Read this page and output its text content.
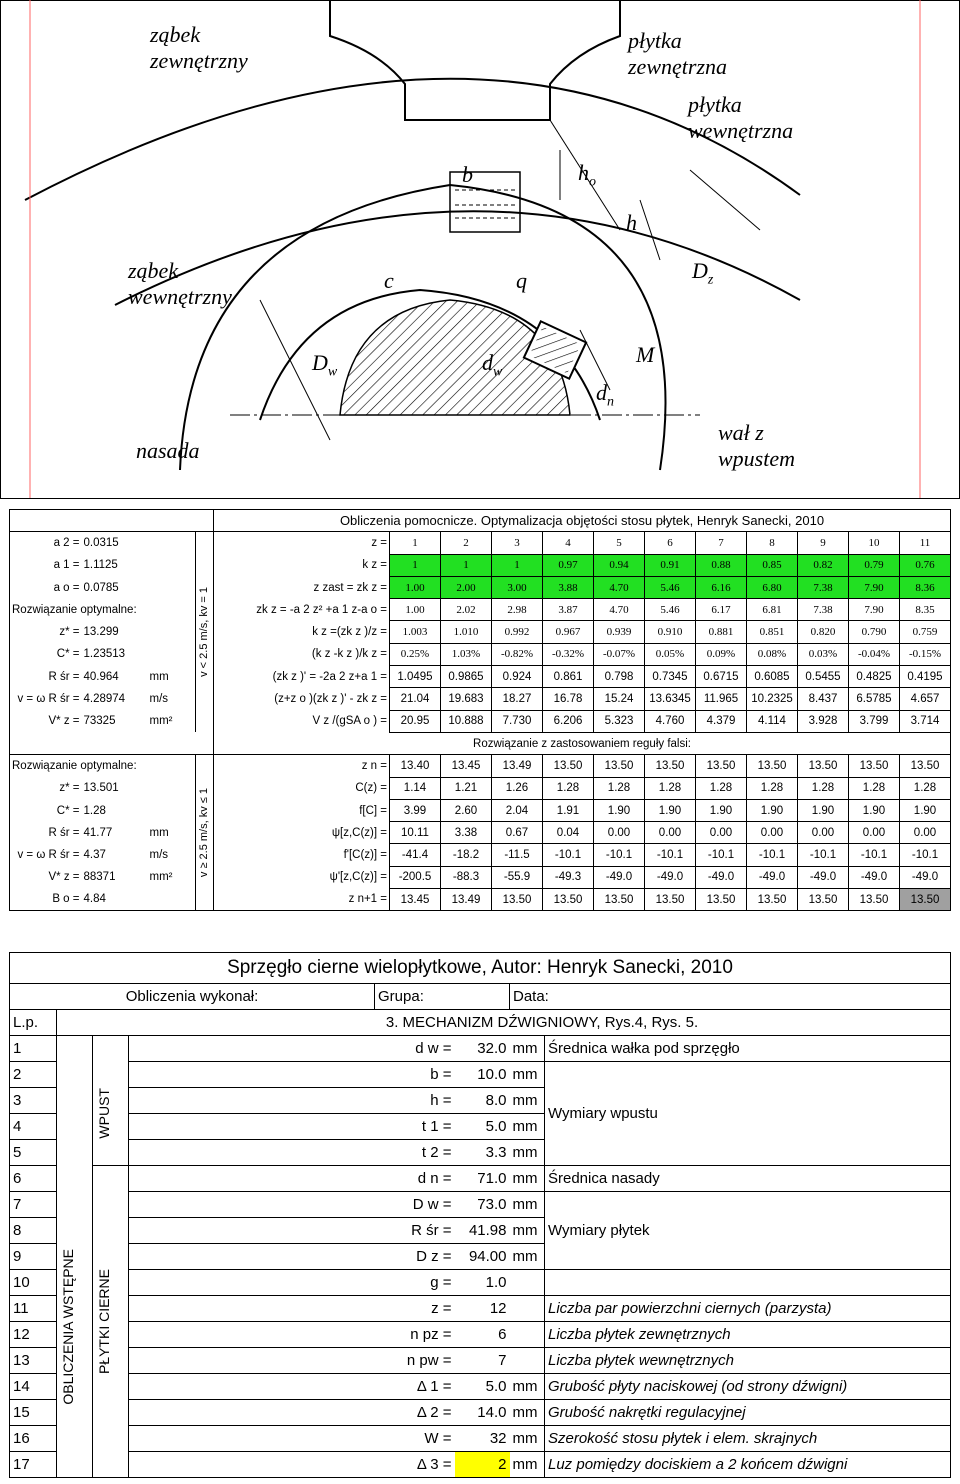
ząbek
zewnętrzny
płytka
zewnętrzna
płytka
wewnętrzna
ząbek
wewnętrzny
nasada
wał z
wpustem
b	$h_o$
h
c	q	$D_z$
$D_w$	$d_w$
M
$d_n$
				Obliczenia pomocnicze. Optymalizacja objętości stosu płytek, Henryk Sanecki, 2010											
a 2 =	0.0315		v < 2.5 m/s, kv = 1	z =	1	2	3	4	5	6	7	8	9	10	11
a 1 =	1.1125			k z =	1	1	1	0.97	0.94	0.91	0.88	0.85	0.82	0.79	0.76
a o =	0.0785			z zast = zk z =	1.00	2.00	3.00	3.88	4.70	5.46	6.16	6.80	7.38	7.90	8.36
Rozwiązanie optymalne:				zk z = -a 2 z² +a 1 z-a o =	1.00	2.02	2.98	3.87	4.70	5.46	6.17	6.81	7.38	7.90	8.35
z* =	13.299			k z =(zk z )/z =	1.003	1.010	0.992	0.967	0.939	0.910	0.881	0.851	0.820	0.790	0.759
C* =	1.23513			(k z -k z )/k z =	0.25%	1.03%	-0.82%	-0.32%	-0.07%	0.05%	0.09%	0.08%	0.03%	-0.04%	-0.15%
R śr =	40.964	mm		(zk z )' = -2a 2 z+a 1 =	1.0495	0.9865	0.924	0.861	0.798	0.7345	0.6715	0.6085	0.5455	0.4825	0.4195
v = ω R śr =	4.28974	m/s		(z+z o )(zk z )' - zk z =	21.04	19.683	18.27	16.78	15.24	13.6345	11.965	10.2325	8.437	6.5785	4.657
V* z =	73325	mm²		V z /(gSA o ) =	20.95	10.888	7.730	6.206	5.323	4.760	4.379	4.114	3.928	3.799	3.714
				Rozwiązanie z zastosowaniem reguły falsi:											
Rozwiązanie optymalne:			v ≥ 2.5 m/s, kv ≤ 1	z n =	13.40	13.45	13.49	13.50	13.50	13.50	13.50	13.50	13.50	13.50	13.50
z* =	13.501			C(z) =	1.14	1.21	1.26	1.28	1.28	1.28	1.28	1.28	1.28	1.28	1.28
C* =	1.28			f[C] =	3.99	2.60	2.04	1.91	1.90	1.90	1.90	1.90	1.90	1.90	1.90
R śr =	41.77	mm		ψ[z,C(z)] =	10.11	3.38	0.67	0.04	0.00	0.00	0.00	0.00	0.00	0.00	0.00
v = ω R śr =	4.37	m/s		f'[C(z)] =	-41.4	-18.2	-11.5	-10.1	-10.1	-10.1	-10.1	-10.1	-10.1	-10.1	-10.1
V* z =	88371	mm²		ψ'[z,C(z)] =	-200.5	-88.3	-55.9	-49.3	-49.0	-49.0	-49.0	-49.0	-49.0	-49.0	-49.0
B o =	4.84			z n+1 =	13.45	13.49	13.50	13.50	13.50	13.50	13.50	13.50	13.50	13.50	13.50
Sprzęgło cierne wielopłytkowe, Autor: Henryk Sanecki, 2010							
Obliczenia wykonał:				Grupa:		Data:	
L.p.	3. MECHANIZM DŹWIGNIOWY, Rys.4, Rys. 5.						
1	OBLICZENIA WSTĘPNE			d w =	32.0	mm	Średnica wałka pod sprzęgło
2		WPUST		b =	10.0	mm	Wymiary wpustu
3				h =	8.0	mm	
4				t 1 =	5.0	mm	
5				t 2 =	3.3	mm	
6		PŁYTKI CIERNE		d n =	71.0	mm	Średnica nasady
7				D w =	73.0	mm	Wymiary płytek
8				R śr =	41.98	mm	
9				D z =	94.00	mm	
10				g =	1.0		
11				z =	12		Liczba par powierzchni ciernych (parzysta)
12				n pz =	6		Liczba płytek zewnętrznych
13				n pw =	7		Liczba płytek wewnętrznych
14				Δ 1 =	5.0	mm	Grubość płyty naciskowej (od strony dźwigni)
15				Δ 2 =	14.0	mm	Grubość nakrętki regulacyjnej
16				W =	32	mm	Szerokość stosu płytek i elem. skrajnych
17				Δ 3 =	2	mm	Luz pomiędzy dociskiem a 2 końcem dźwigni
